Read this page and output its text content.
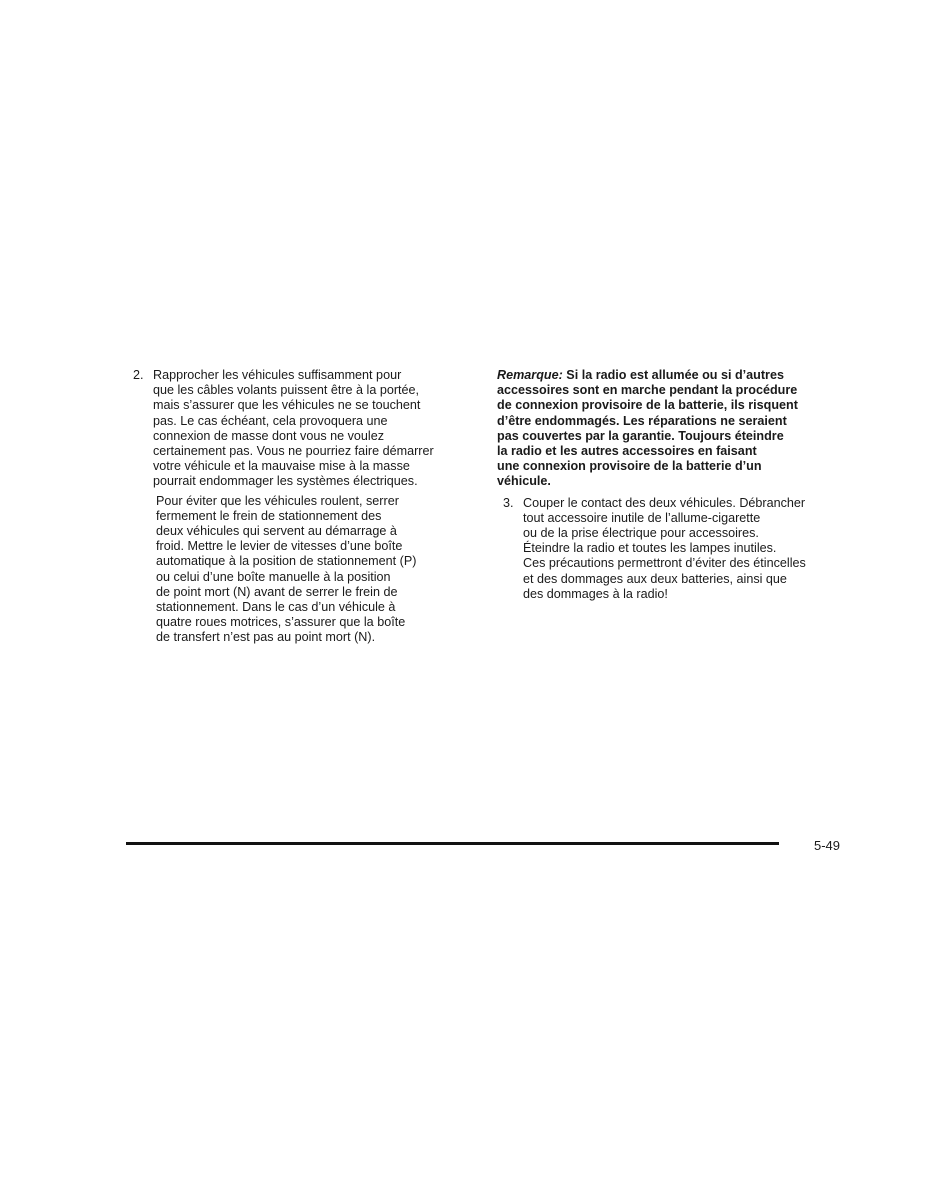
2. Rapprocher les véhicules suffisamment pour
que les câbles volants puissent être à la portée,
mais s’assurer que les véhicules ne se touchent
pas. Le cas échéant, cela provoquera une
connexion de masse dont vous ne voulez
certainement pas. Vous ne pourriez faire démarrer
votre véhicule et la mauvaise mise à la masse
pourrait endommager les systèmes électriques.
Pour éviter que les véhicules roulent, serrer
fermement le frein de stationnement des
deux véhicules qui servent au démarrage à
froid. Mettre le levier de vitesses d’une boîte
automatique à la position de stationnement (P)
ou celui d’une boîte manuelle à la position
de point mort (N) avant de serrer le frein de
stationnement. Dans le cas d’un véhicule à
quatre roues motrices, s’assurer que la boîte
de transfert n’est pas au point mort (N).

Remarque: Si la radio est allumée ou si d’autres
accessoires sont en marche pendant la procédure
de connexion provisoire de la batterie, ils risquent
d’être endommagés. Les réparations ne seraient
pas couvertes par la garantie. Toujours éteindre
la radio et les autres accessoires en faisant
une connexion provisoire de la batterie d’un
véhicule.

3. Couper le contact des deux véhicules. Débrancher
tout accessoire inutile de l’allume-cigarette
ou de la prise électrique pour accessoires.
Éteindre la radio et toutes les lampes inutiles.
Ces précautions permettront d’éviter des étincelles
et des dommages aux deux batteries, ainsi que
des dommages à la radio!
5-49
